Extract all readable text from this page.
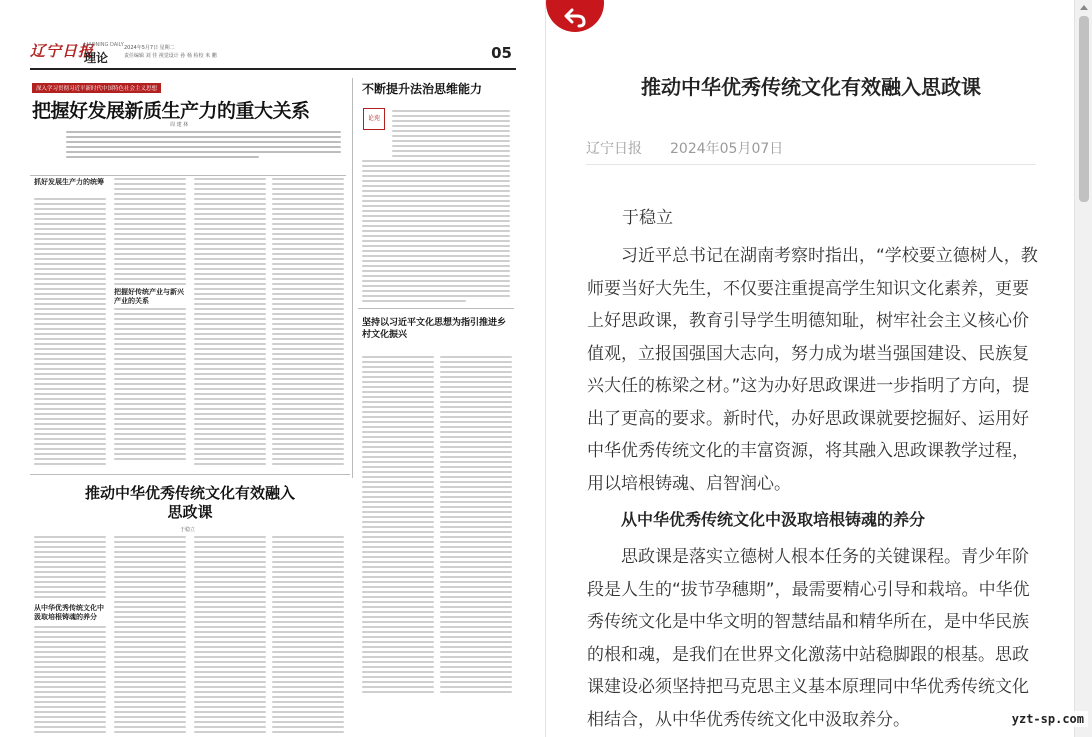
辽宁日报
LIAONING DAILY
理论
2024年5月7日 星期二
责任编辑 刘 佳 视觉设计 孙 杨 检校 米 鹏	05
深入学习贯彻习近平新时代中国特色社会主义思想
把握好发展新质生产力的重大关系
周 建 林
不断提升法治思维能力
论苑
抓好发展生产力的统筹
把握好传统产业与新兴产业的关系
坚持以习近平文化思想为指引推进乡村文化振兴
推动中华优秀传统文化有效融入思政课
于稳立
从中华优秀传统文化中汲取培根铸魂的养分
推动中华优秀传统文化有效融入思政课
辽宁日报 2024年05月07日
于稳立

习近平总书记在湖南考察时指出，“学校要立德树人，教师要当好大先生，不仅要注重提高学生知识文化素养，更要上好思政课，教育引导学生明德知耻，树牢社会主义核心价值观，立报国强国大志向，努力成为堪当强国建设、民族复兴大任的栋梁之材。”这为办好思政课进一步指明了方向，提出了更高的要求。新时代，办好思政课就要挖掘好、运用好中华优秀传统文化的丰富资源，将其融入思政课教学过程，用以培根铸魂、启智润心。

从中华优秀传统文化中汲取培根铸魂的养分

思政课是落实立德树人根本任务的关键课程。青少年阶段是人生的“拔节孕穗期”，最需要精心引导和栽培。中华优秀传统文化是中华文明的智慧结晶和精华所在，是中华民族的根和魂，是我们在世界文化激荡中站稳脚跟的根基。思政课建设必须坚持把马克思主义基本原理同中华优秀传统文化相结合，从中华优秀传统文化中汲取养分。	yzt-sp.com
